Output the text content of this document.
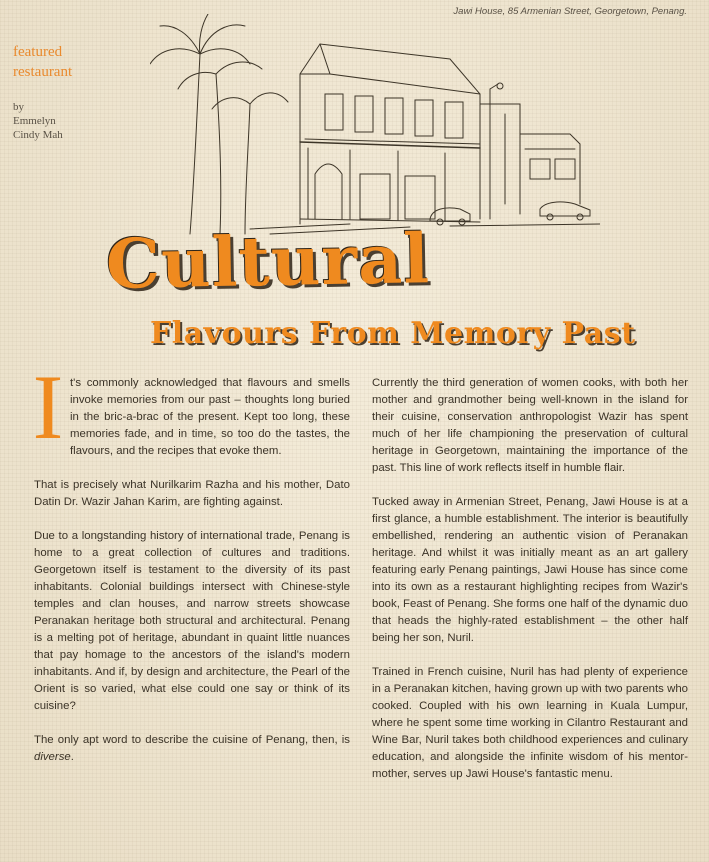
Jawi House, 85 Armenian Street, Georgetown, Penang.
featured
restaurant
by
Emmelyn
Cindy Mah
Cultural
Flavours From Memory Past

It's commonly acknowledged that flavours and smells invoke memories from our past – thoughts long buried in the bric-a-brac of the present. Kept too long, these memories fade, and in time, so too do the tastes, the flavours, and the recipes that evoke them.

That is precisely what Nurilkarim Razha and his mother, Dato Datin Dr. Wazir Jahan Karim, are fighting against.

Due to a longstanding history of international trade, Penang is home to a great collection of cultures and traditions. Georgetown itself is testament to the diversity of its past inhabitants. Colonial buildings intersect with Chinese-style temples and clan houses, and narrow streets showcase Peranakan heritage both structural and architectural. Penang is a melting pot of heritage, abundant in quaint little nuances that pay homage to the ancestors of the island's modern inhabitants. And if, by design and architecture, the Pearl of the Orient is so varied, what else could one say or think of its cuisine?

The only apt word to describe the cuisine of Penang, then, is diverse.

Currently the third generation of women cooks, with both her mother and grandmother being well-known in the island for their cuisine, conservation anthropologist Wazir has spent much of her life championing the preservation of cultural heritage in Georgetown, maintaining the importance of the past. This line of work reflects itself in humble flair.

Tucked away in Armenian Street, Penang, Jawi House is at a first glance, a humble establishment. The interior is beautifully embellished, rendering an authentic vision of Peranakan heritage. And whilst it was initially meant as an art gallery featuring early Penang paintings, Jawi House has since come into its own as a restaurant highlighting recipes from Wazir's book, Feast of Penang. She forms one half of the dynamic duo that heads the highly-rated establishment – the other half being her son, Nuril.

Trained in French cuisine, Nuril has had plenty of experience in a Peranakan kitchen, having grown up with two parents who cooked. Coupled with his own learning in Kuala Lumpur, where he spent some time working in Cilantro Restaurant and Wine Bar, Nuril takes both childhood experiences and culinary education, and alongside the infinite wisdom of his mentor-mother, serves up Jawi House's fantastic menu.
